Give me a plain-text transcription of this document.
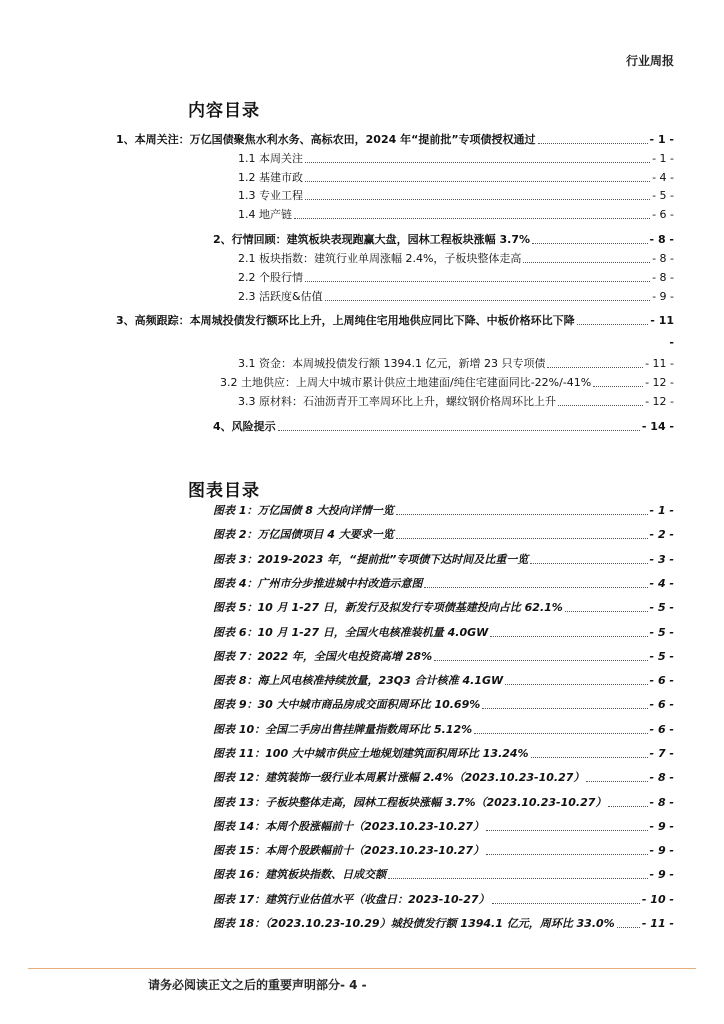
行业周报
内容目录
1、本周关注：万亿国债聚焦水利水务、高标农田，2024 年“提前批”专项债授权通过	- 1 -
1.1 本周关注	- 1 -
1.2 基建市政	- 4 -
1.3 专业工程	- 5 -
1.4 地产链	- 6 -
2、行情回顾：建筑板块表现跑赢大盘，园林工程板块涨幅 3.7%	- 8 -
2.1 板块指数：建筑行业单周涨幅 2.4%，子板块整体走高	- 8 -
2.2 个股行情	- 8 -
2.3 活跃度&估值	- 9 -
3、高频跟踪：本周城投债发行额环比上升，上周纯住宅用地供应同比下降、中板价格环比下降	- 11
-
3.1 资金：本周城投债发行额 1394.1 亿元，新增 23 只专项债	- 11 -
3.2 土地供应：上周大中城市累计供应土地建面/纯住宅建面同比-22%/-41%	- 12 -
3.3 原材料：石油沥青开工率周环比上升，螺纹钢价格周环比上升	- 12 -
4、风险提示	- 14 -
图表目录
图表 1：万亿国债 8 大投向详情一览	- 1 -
图表 2：万亿国债项目 4 大要求一览	- 2 -
图表 3：2019-2023 年，“提前批”专项债下达时间及比重一览	- 3 -
图表 4：广州市分步推进城中村改造示意图	- 4 -
图表 5：10 月 1-27 日，新发行及拟发行专项债基建投向占比 62.1%	- 5 -
图表 6：10 月 1-27 日，全国火电核准装机量 4.0GW	- 5 -
图表 7：2022 年，全国火电投资高增 28%	- 5 -
图表 8：海上风电核准持续放量，23Q3 合计核准 4.1GW	- 6 -
图表 9：30 大中城市商品房成交面积周环比 10.69%	- 6 -
图表 10：全国二手房出售挂牌量指数周环比 5.12%	- 6 -
图表 11：100 大中城市供应土地规划建筑面积周环比 13.24%	- 7 -
图表 12：建筑装饰一级行业本周累计涨幅 2.4%（2023.10.23-10.27）	- 8 -
图表 13：子板块整体走高，园林工程板块涨幅 3.7%（2023.10.23-10.27）	- 8 -
图表 14：本周个股涨幅前十（2023.10.23-10.27）	- 9 -
图表 15：本周个股跌幅前十（2023.10.23-10.27）	- 9 -
图表 16：建筑板块指数、日成交额	- 9 -
图表 17：建筑行业估值水平（收盘日：2023-10-27）	- 10 -
图表 18：（2023.10.23-10.29）城投债发行额 1394.1 亿元，周环比 33.0% - 11 -
请务必阅读正文之后的重要声明部分- 4 -
